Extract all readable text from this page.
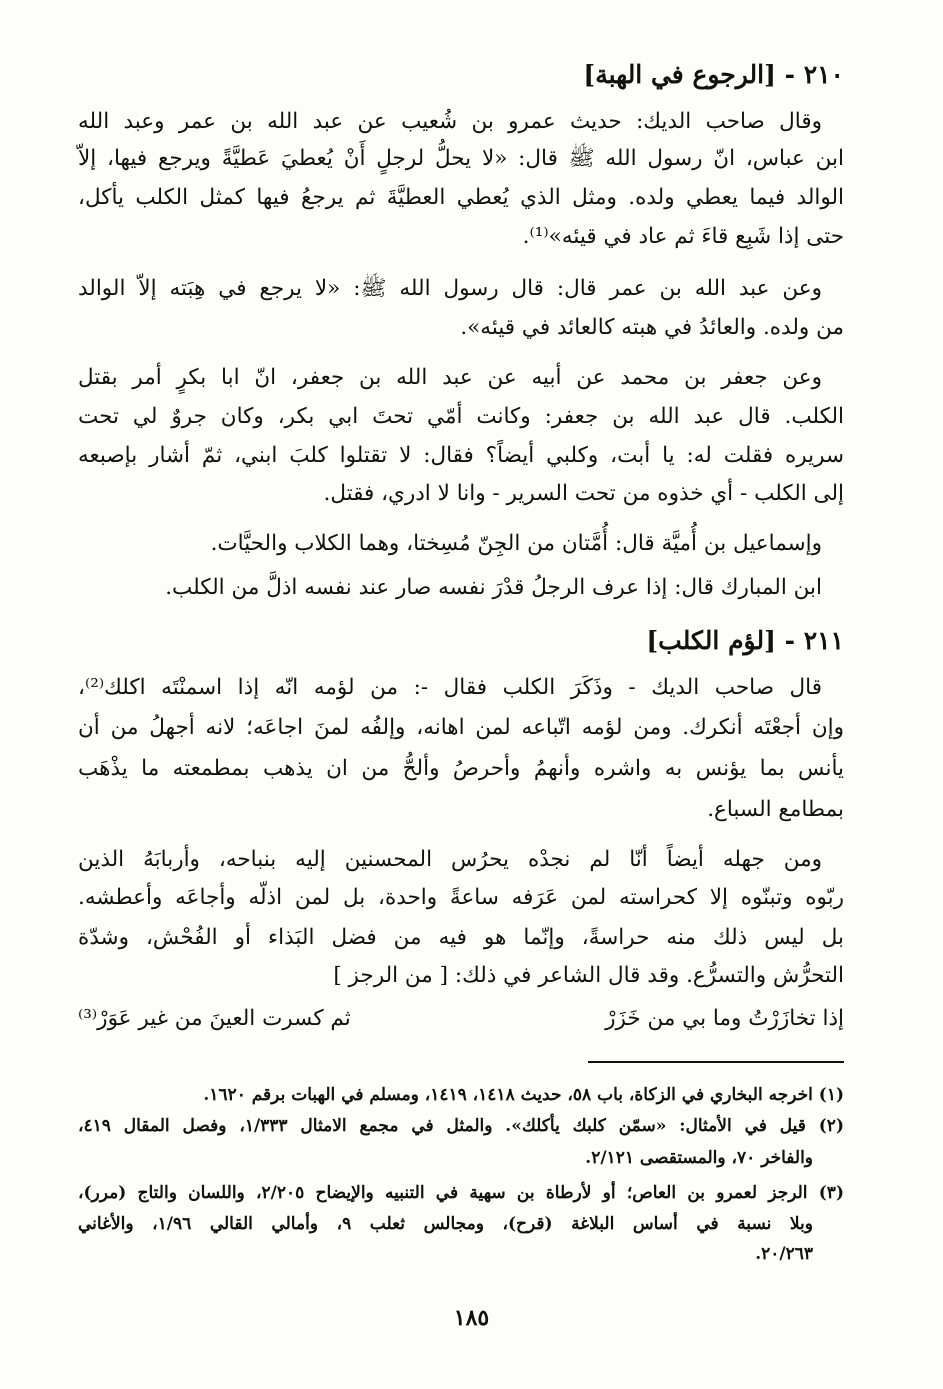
٢١٠ - [الرجوع في الهبة]
وقال صاحب الديك: حديث عمرو بن شُعيب عن عبد الله بن عمر وعبد الله
ابن عباس، انّ رسول الله ﷺ قال: «لا يحلُّ لرجلٍ أَنْ يُعطيَ عَطيَّةً ويرجع فيها، إلاّ
الوالد فيما يعطي ولده. ومثل الذي يُعطي العطيَّةَ ثم يرجعُ فيها كمثل الكلب يأكل،
حتى إذا شَبِع قاءَ ثم عاد في قيئه»⁽¹⁾.
وعن عبد الله بن عمر قال: قال رسول الله ﷺ: «لا يرجع في هِبَته إلاّ الوالد
من ولده. والعائدُ في هبته كالعائد في قيئه».
وعن جعفر بن محمد عن أبيه عن عبد الله بن جعفر، انّ ابا بكرٍ أمر بقتل
الكلب. قال عبد الله بن جعفر: وكانت أمّي تحتَ ابي بكر، وكان جروٌ لي تحت
سريره فقلت له: يا أبت، وكلبي أيضاً؟ فقال: لا تقتلوا كلبَ ابني، ثمّ أشار بإصبعه
إلى الكلب - أي خذوه من تحت السرير - وانا لا ادري، فقتل.
وإسماعيل بن أُميَّة قال: أُمَّتان من الجِنّ مُسِختا، وهما الكلاب والحيَّات.
ابن المبارك قال: إذا عرف الرجلُ قدْرَ نفسه صار عند نفسه اذلَّ من الكلب.
٢١١ - [لؤم الكلب]
قال صاحب الديك - وذَكَرَ الكلب فقال -: من لؤمه انّه إذا اسمنْتَه اكلك⁽²⁾،
وإن أجعْتَه أنكرك. ومن لؤمه اتّباعه لمن اهانه، وإلفُه لمنَ اجاعَه؛ لانه أجهلُ من أن
يأنس بما يؤنس به واشره وأنهمُ وأحرصُ وألحُّ من ان يذهب بمطمعته ما يذْهَب
بمطامع السباع.
ومن جهله أيضاً أنّا لم نجدْه يحرُس المحسنين إليه بنباحه، وأربابَهُ الذين
ربّوه وتبنّوه إلا كحراسته لمن عَرَفه ساعةً واحدة، بل لمن اذلّه وأجاعَه وأعطشه.
بل ليس ذلك منه حراسةً، وإنّما هو فيه من فضل البَذاء أو الفُحْش، وشدّة
التحرُّش والتسرُّع. وقد قال الشاعر في ذلك: [ من الرجز ]
إذا تخازَرْتُ وما بي من خَزَرْ
ثم كسرت العينَ من غير عَوَرْ⁽³⁾
(١) اخرجه البخاري في الزكاة، باب ٥٨، حديث ١٤١٨، ١٤١٩، ومسلم في الهبات برقم ١٦٢٠.
(٢) قيل في الأمثال: «سمّن كلبك يأكلك». والمثل في مجمع الامثال ١/٣٣٣، وفصل المقال ٤١٩،
والفاخر ٧٠، والمستقصى ٢/١٢١.
(٣) الرجز لعمرو بن العاص؛ أو لأرطاة بن سهية في التنبيه والإيضاح ٢/٢٠٥، واللسان والتاج (مرر)،
وبلا نسبة في أساس البلاغة (قرح)، ومجالس ثعلب ٩، وأمالي القالي ١/٩٦، والأغاني
٢٠/٢٦٣.
١٨٥
